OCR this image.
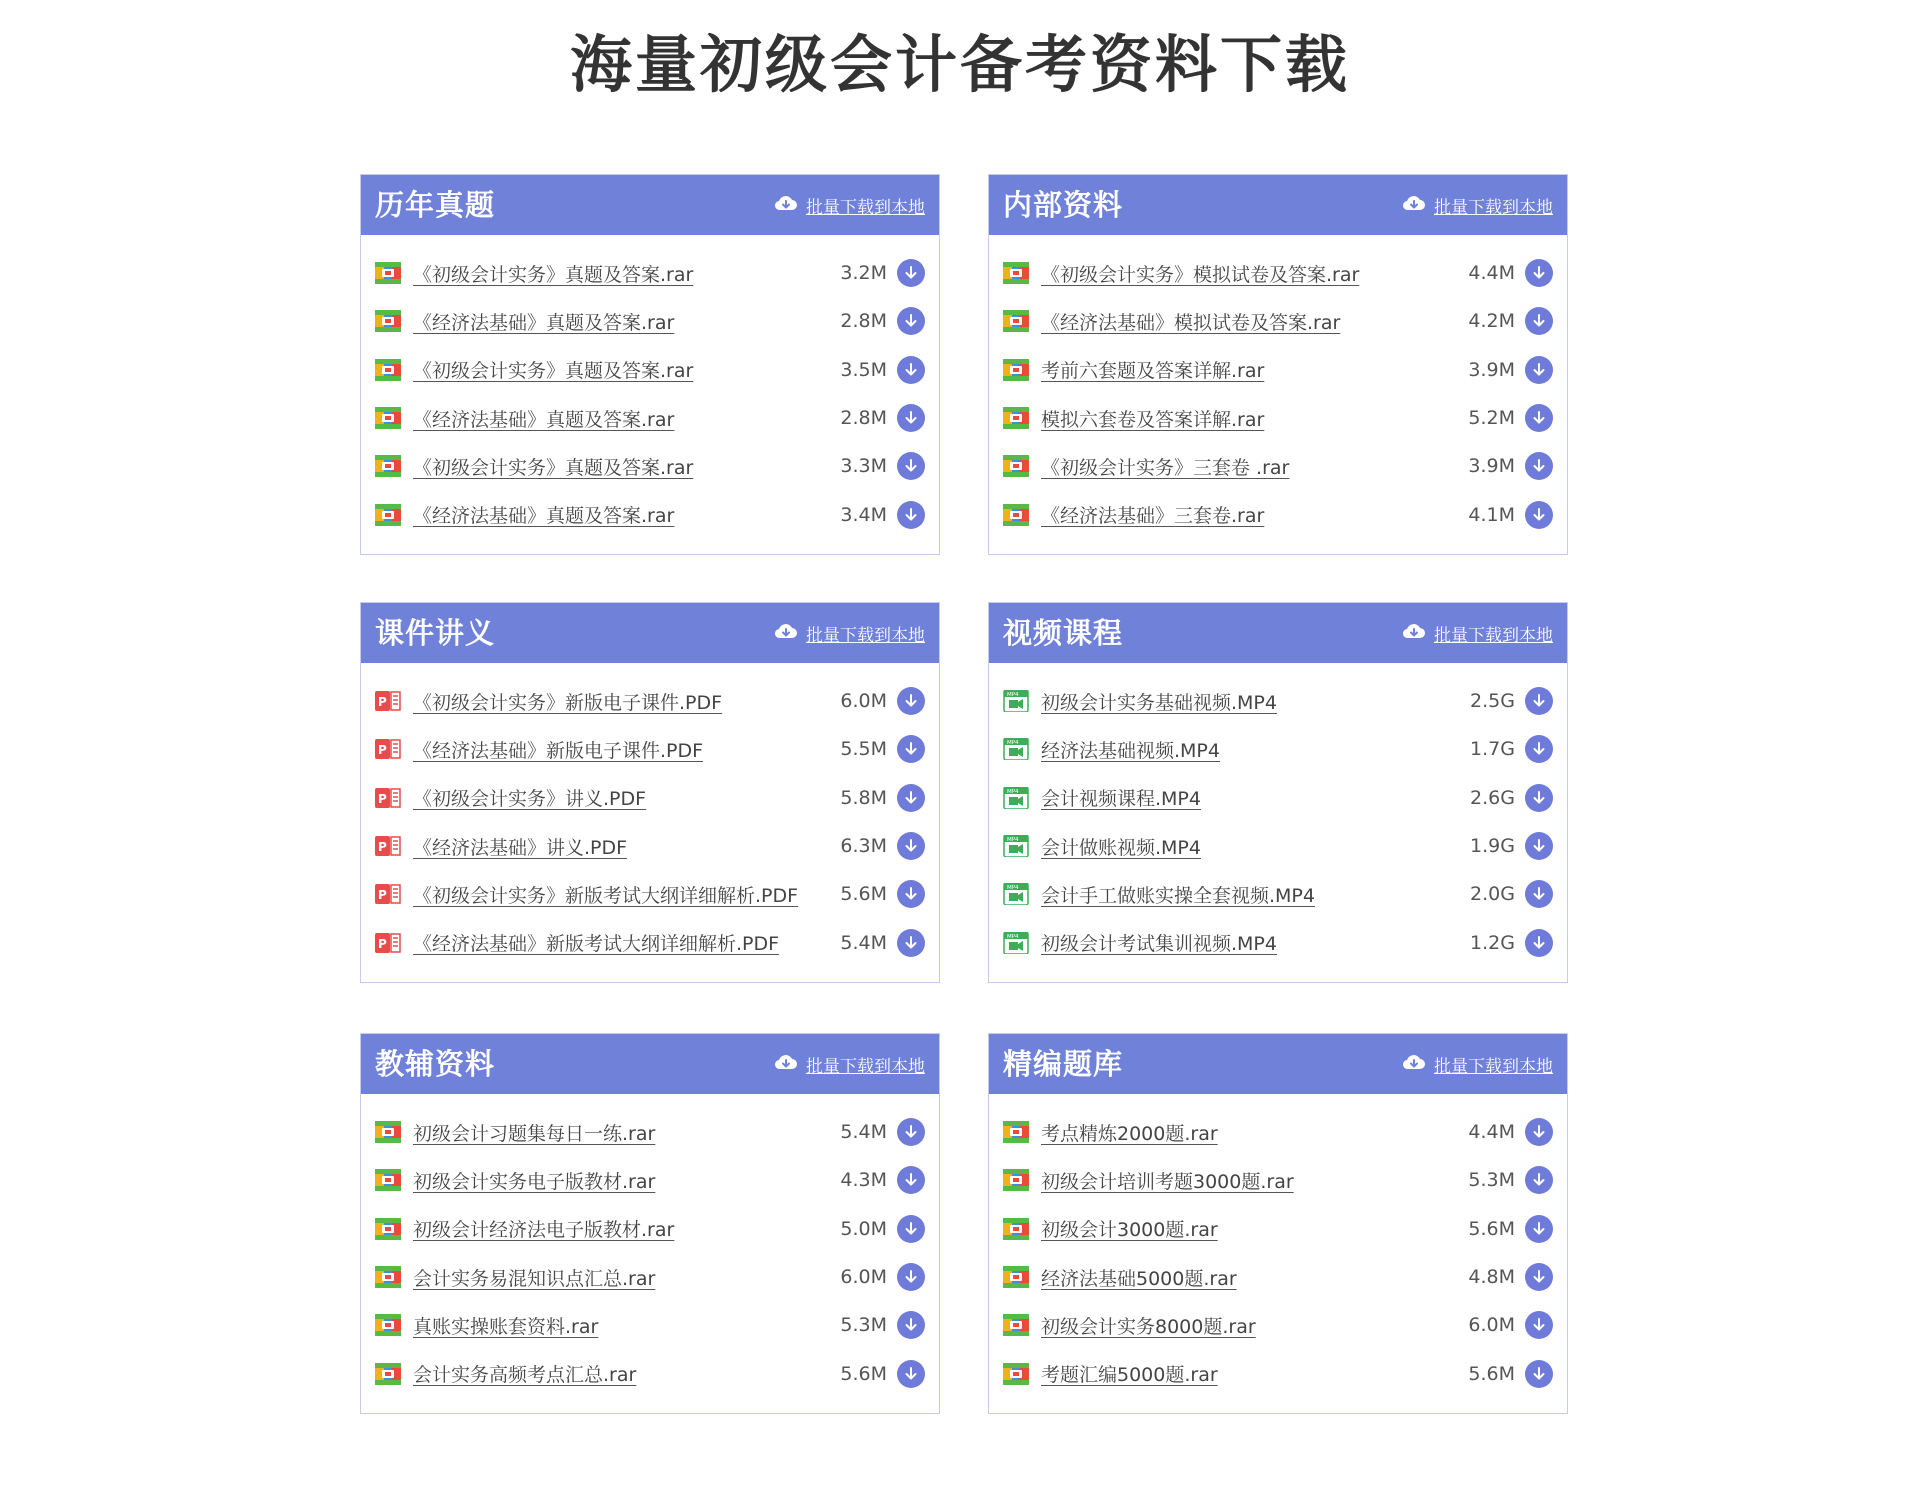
海量初级会计备考资料下载
历年真题	批量下载到本地
《初级会计实务》真题及答案.rar	3.2M
《经济法基础》真题及答案.rar	2.8M
《初级会计实务》真题及答案.rar	3.5M
《经济法基础》真题及答案.rar	2.8M
《初级会计实务》真题及答案.rar	3.3M
《经济法基础》真题及答案.rar	3.4M
内部资料	批量下载到本地
《初级会计实务》模拟试卷及答案.rar	4.4M
《经济法基础》模拟试卷及答案.rar	4.2M
考前六套题及答案详解.rar	3.9M
模拟六套卷及答案详解.rar	5.2M
《初级会计实务》三套卷 .rar	3.9M
《经济法基础》三套卷.rar	4.1M
课件讲义	批量下载到本地
P 《初级会计实务》新版电子课件.PDF	6.0M
P 《经济法基础》新版电子课件.PDF	5.5M
P 《初级会计实务》讲义.PDF	5.8M
P 《经济法基础》讲义.PDF	6.3M
P 《初级会计实务》新版考试大纲详细解析.PDF	5.6M
P 《经济法基础》新版考试大纲详细解析.PDF	5.4M
视频课程	批量下载到本地
MP4 初级会计实务基础视频.MP4	2.5G
MP4 经济法基础视频.MP4	1.7G
MP4 会计视频课程.MP4	2.6G
MP4 会计做账视频.MP4	1.9G
MP4 会计手工做账实操全套视频.MP4	2.0G
MP4 初级会计考试集训视频.MP4	1.2G
教辅资料	批量下载到本地
初级会计习题集每日一练.rar	5.4M
初级会计实务电子版教材.rar	4.3M
初级会计经济法电子版教材.rar	5.0M
会计实务易混知识点汇总.rar	6.0M
真账实操账套资料.rar	5.3M
会计实务高频考点汇总.rar	5.6M
精编题库	批量下载到本地
考点精炼2000题.rar	4.4M
初级会计培训考题3000题.rar	5.3M
初级会计3000题.rar	5.6M
经济法基础5000题.rar	4.8M
初级会计实务8000题.rar	6.0M
考题汇编5000题.rar	5.6M
